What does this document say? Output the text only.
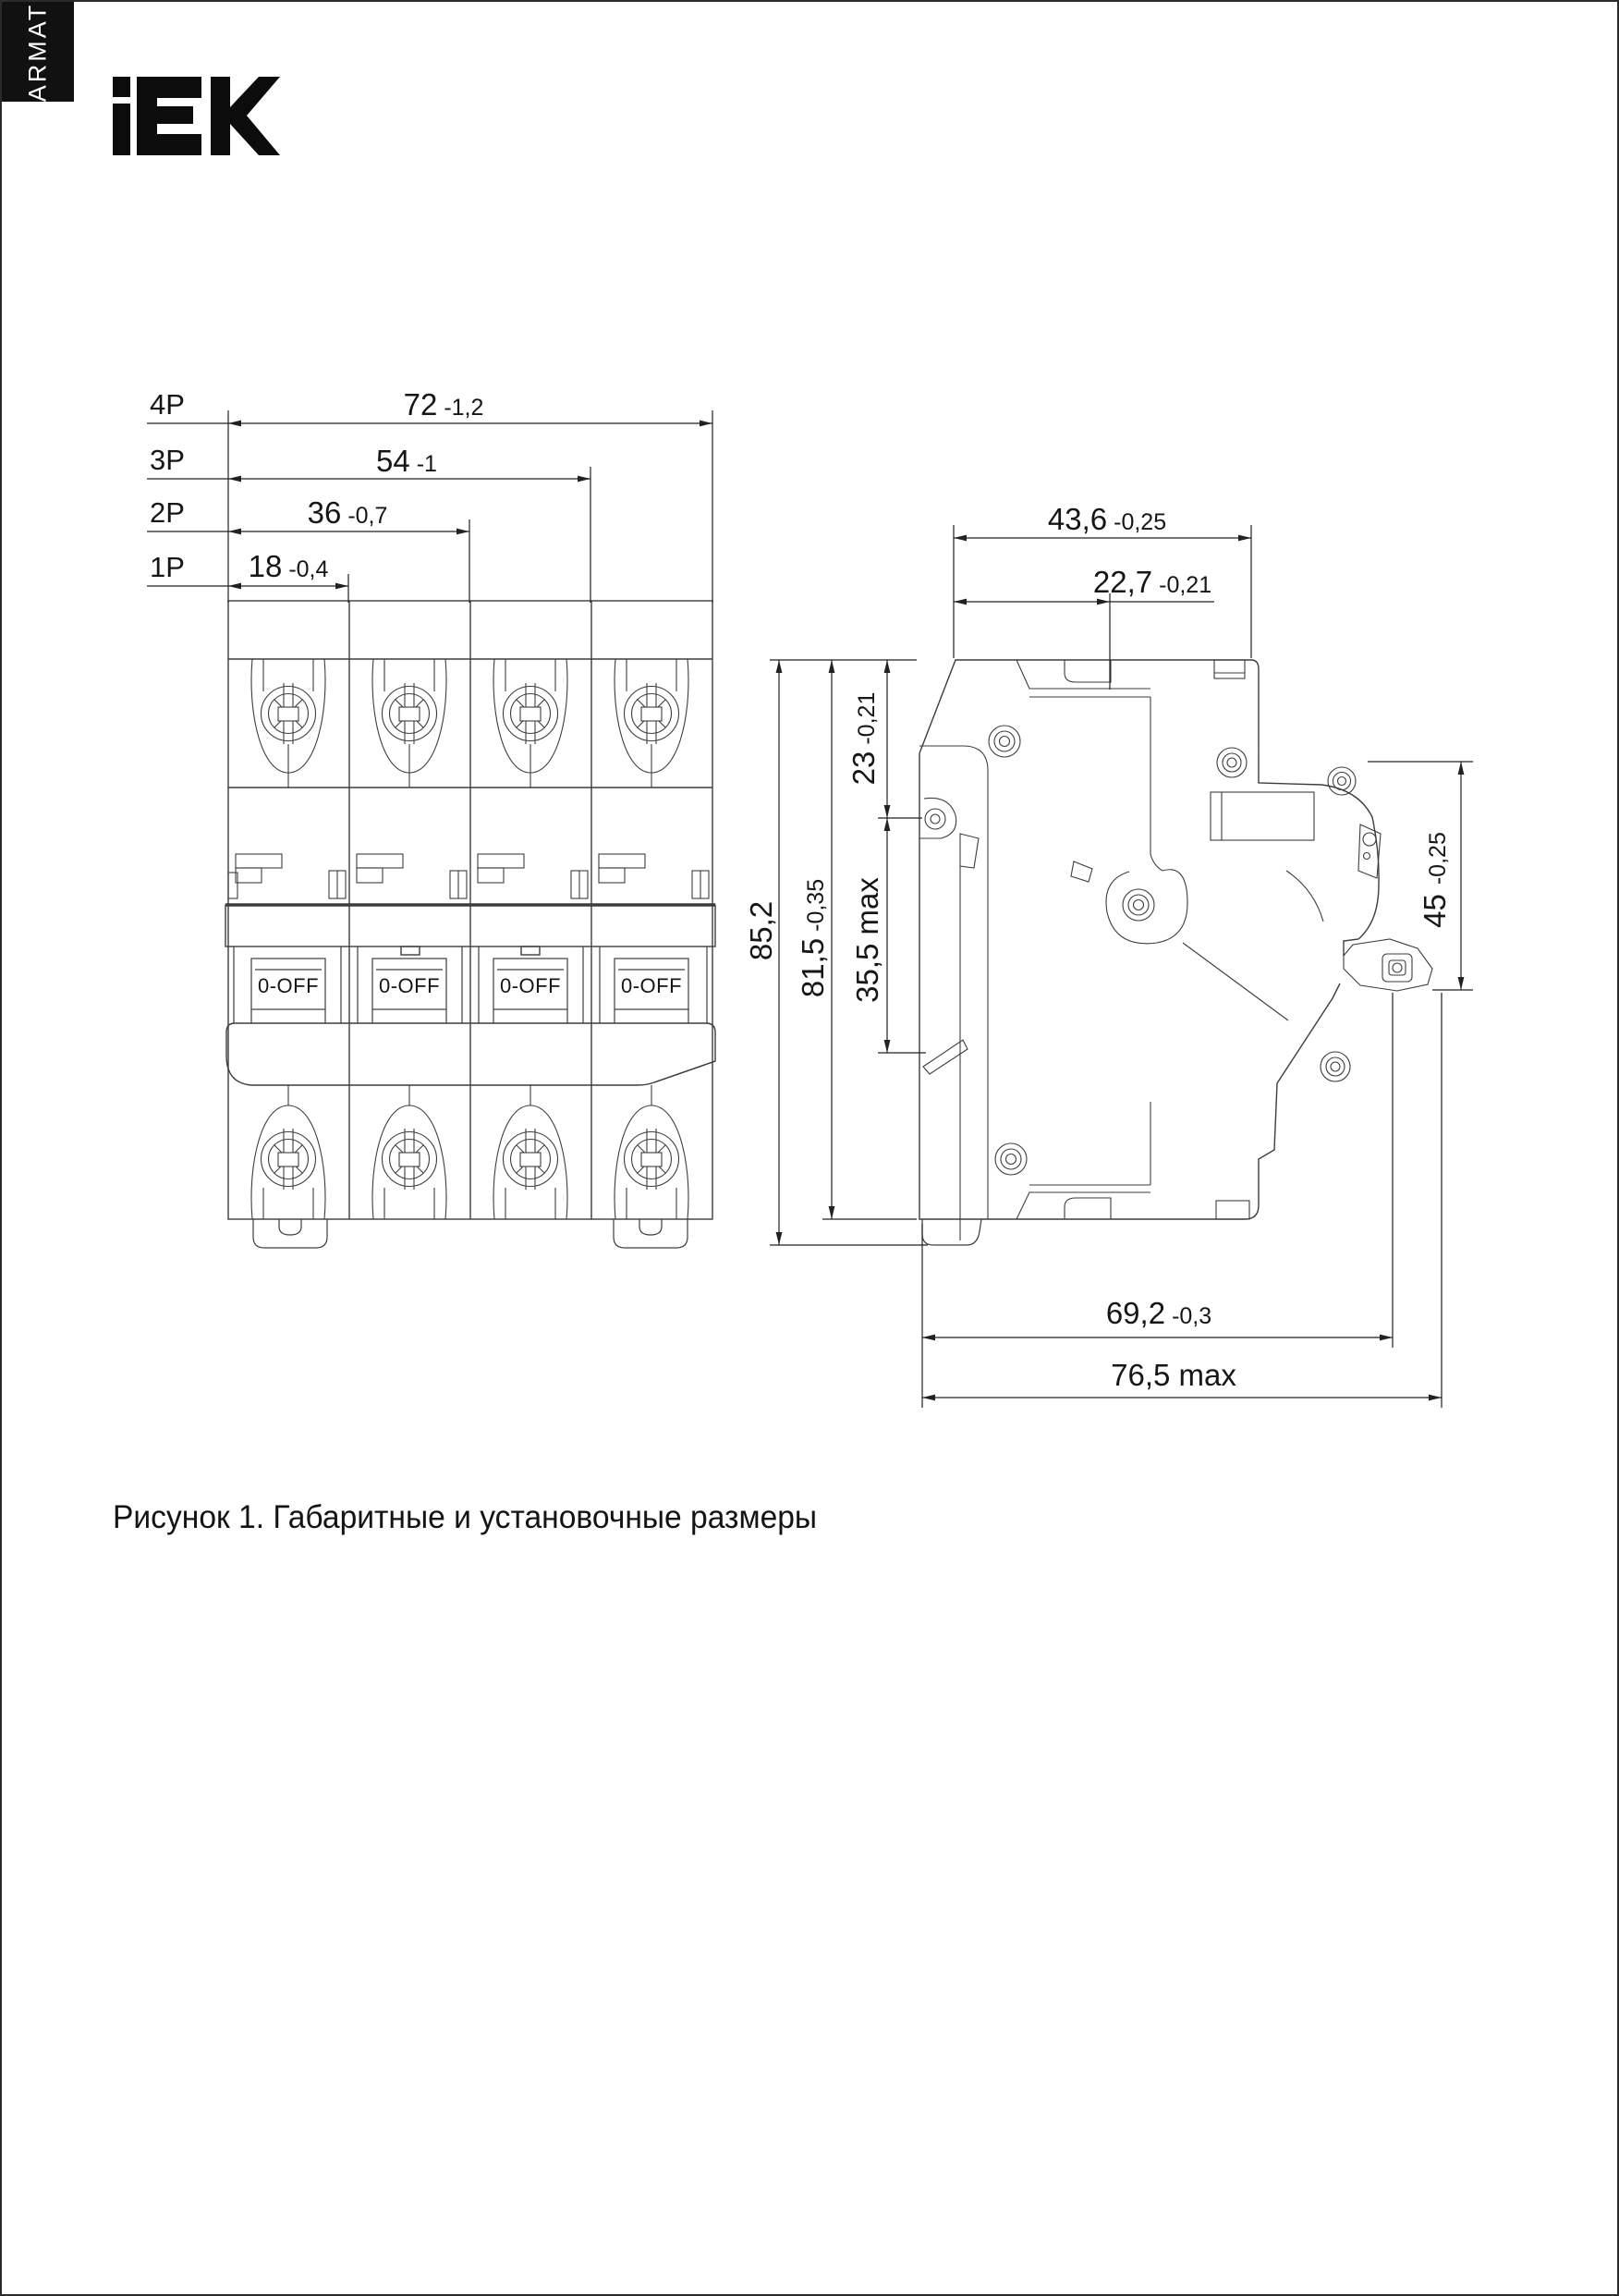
ARMAT
0-OFF	0-OFF	0-OFF	0-OFF
4P
3P
2P
1P
72 -1,2
54 -1
36 -0,7
18 -0,4
43,6 -0,25
22,7 -0,21
85,2
81,5-0,35 35,5 max
23-0,21
45-0,25
69,2 -0,3
76,5 max
Рисунок 1. Габаритные и установочные размеры
